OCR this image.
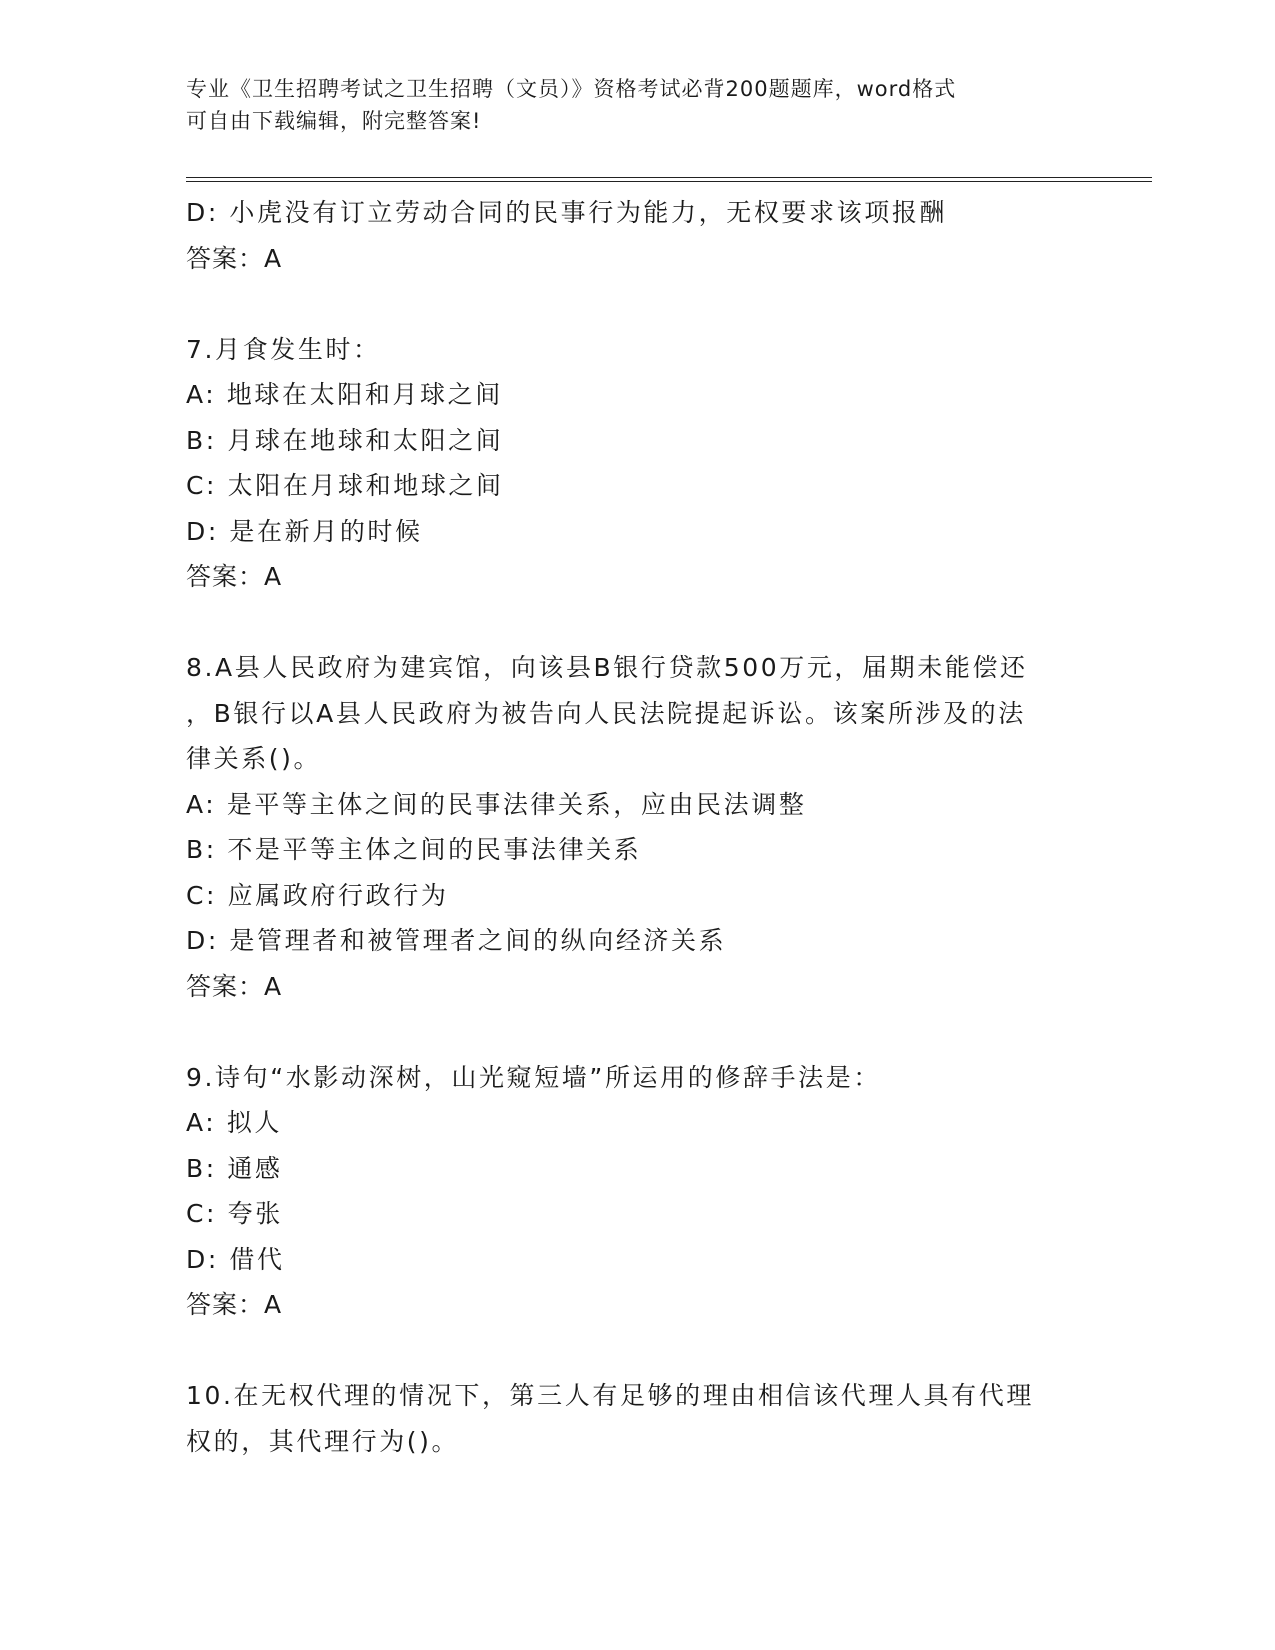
专业《卫生招聘考试之卫生招聘（文员）》资格考试必背200题题库，word格式
可自由下载编辑，附完整答案!
D: 小虎没有订立劳动合同的民事行为能力，无权要求该项报酬
答案：A
7.月食发生时：
A: 地球在太阳和月球之间
B: 月球在地球和太阳之间
C: 太阳在月球和地球之间
D: 是在新月的时候
答案：A
8.A县人民政府为建宾馆，向该县B银行贷款500万元，届期未能偿还
，B银行以A县人民政府为被告向人民法院提起诉讼。该案所涉及的法
律关系()。
A: 是平等主体之间的民事法律关系，应由民法调整
B: 不是平等主体之间的民事法律关系
C: 应属政府行政行为
D: 是管理者和被管理者之间的纵向经济关系
答案：A
9.诗句“水影动深树，山光窥短墙”所运用的修辞手法是：
A: 拟人
B: 通感
C: 夸张
D: 借代
答案：A
10.在无权代理的情况下，第三人有足够的理由相信该代理人具有代理
权的，其代理行为()。
